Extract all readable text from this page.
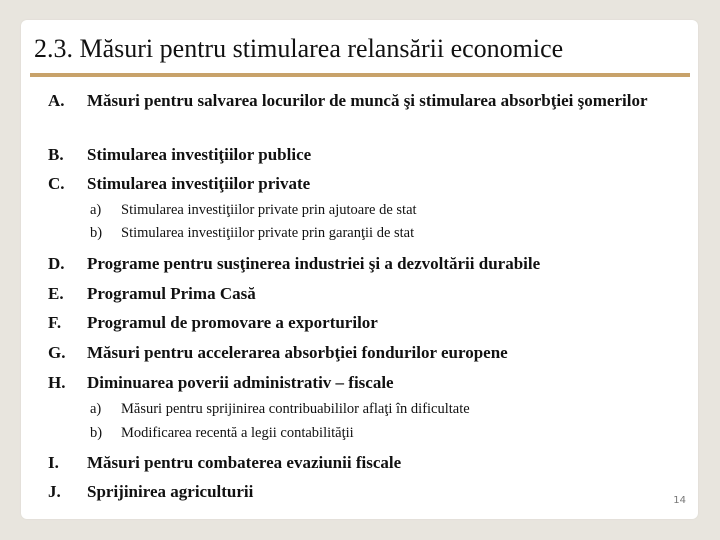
2.3. Măsuri pentru stimularea relansării economice
A. Măsuri pentru salvarea locurilor de muncă şi stimularea absorbţiei şomerilor
B. Stimularea investiţiilor publice
C. Stimularea investiţiilor private
a) Stimularea investiţiilor private prin ajutoare de stat
b) Stimularea investiţiilor private prin garanţii de stat
D. Programe pentru susţinerea industriei şi a dezvoltării durabile
E. Programul Prima Casă
F. Programul de promovare a exporturilor
G. Măsuri pentru accelerarea absorbţiei fondurilor europene
H. Diminuarea poverii administrativ – fiscale
a) Măsuri pentru sprijinirea contribuabililor aflaţi în dificultate
b) Modificarea recentă a legii contabilităţii
I. Măsuri pentru combaterea evaziunii fiscale
J. Sprijinirea agriculturii	14
